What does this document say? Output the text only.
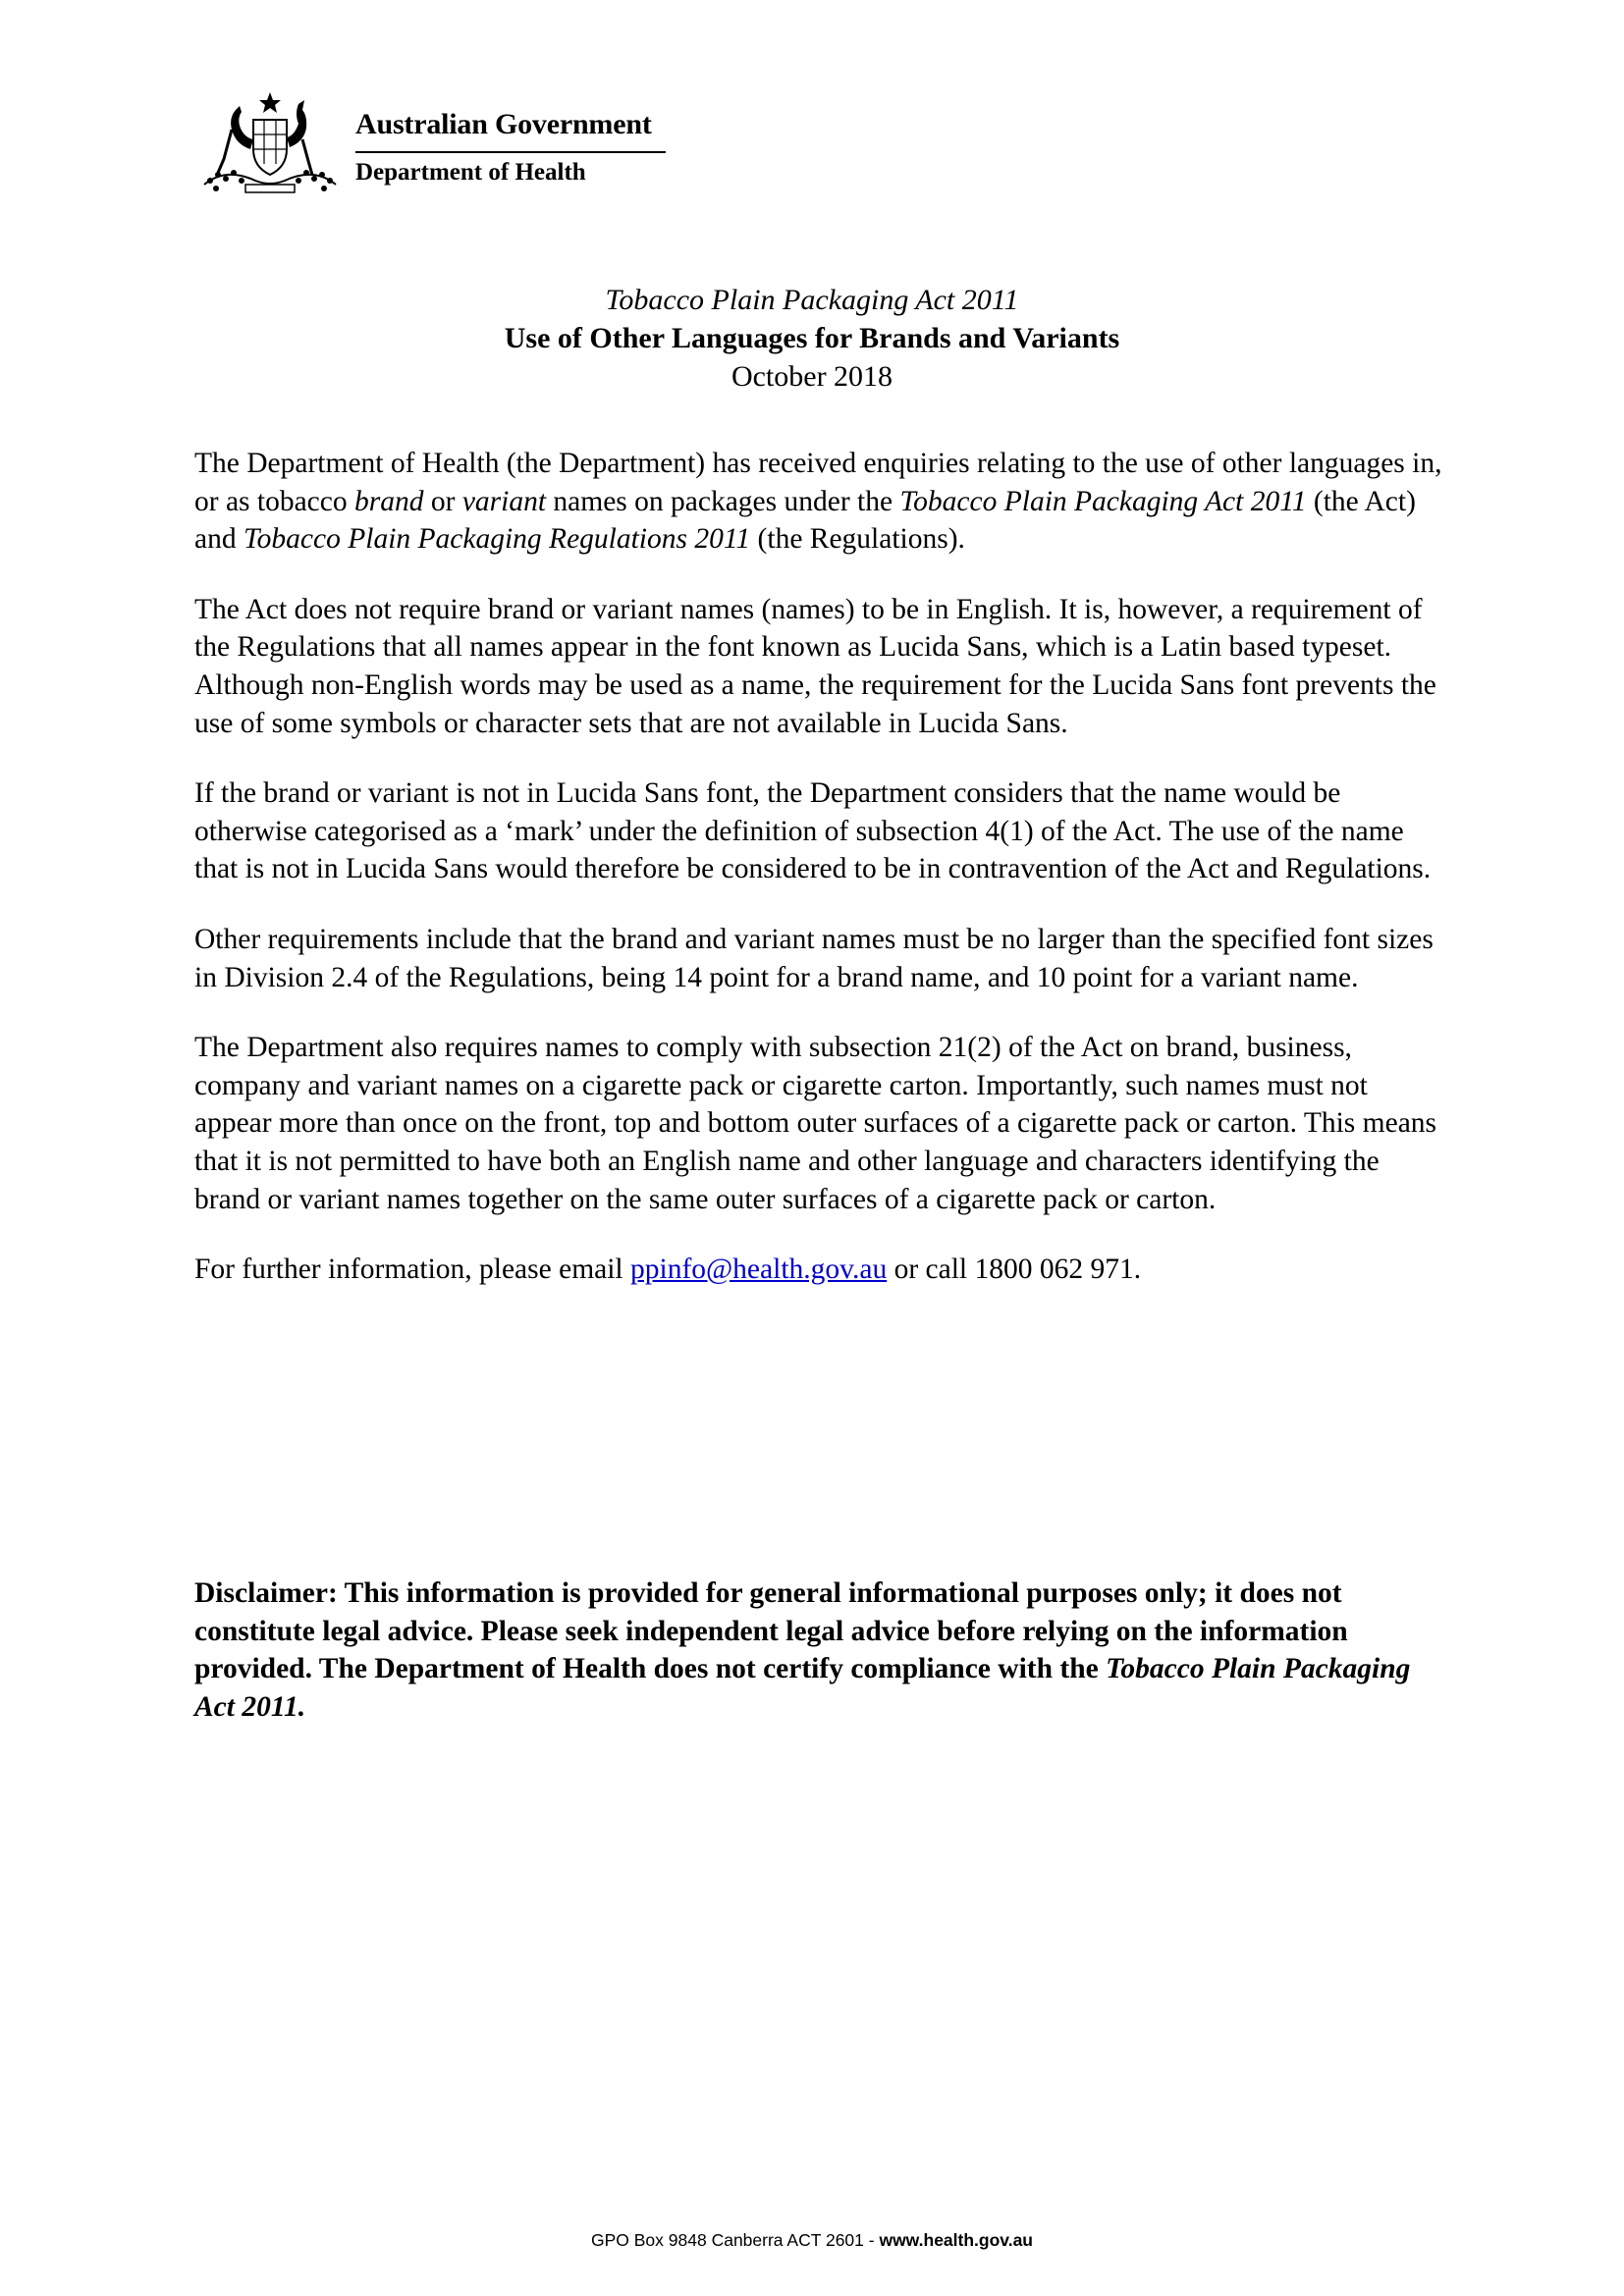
Australian Government
Department of Health
Tobacco Plain Packaging Act 2011
Use of Other Languages for Brands and Variants
October 2018

The Department of Health (the Department) has received enquiries relating to the use of other languages in, or as tobacco brand or variant names on packages under the Tobacco Plain Packaging Act 2011 (the Act) and Tobacco Plain Packaging Regulations 2011 (the Regulations).

The Act does not require brand or variant names (names) to be in English. It is, however, a requirement of the Regulations that all names appear in the font known as Lucida Sans, which is a Latin based typeset. Although non-English words may be used as a name, the requirement for the Lucida Sans font prevents the use of some symbols or character sets that are not available in Lucida Sans.

If the brand or variant is not in Lucida Sans font, the Department considers that the name would be otherwise categorised as a ‘mark’ under the definition of subsection 4(1) of the Act. The use of the name that is not in Lucida Sans would therefore be considered to be in contravention of the Act and Regulations.

Other requirements include that the brand and variant names must be no larger than the specified font sizes in Division 2.4 of the Regulations, being 14 point for a brand name, and 10 point for a variant name.

The Department also requires names to comply with subsection 21(2) of the Act on brand, business, company and variant names on a cigarette pack or cigarette carton. Importantly, such names must not appear more than once on the front, top and bottom outer surfaces of a cigarette pack or carton. This means that it is not permitted to have both an English name and other language and characters identifying the brand or variant names together on the same outer surfaces of a cigarette pack or carton.

For further information, please email ppinfo@health.gov.au or call 1800 062 971.

Disclaimer: This information is provided for general informational purposes only; it does not constitute legal advice. Please seek independent legal advice before relying on the information provided. The Department of Health does not certify compliance with the Tobacco Plain Packaging Act 2011.

GPO Box 9848 Canberra ACT 2601 - www.health.gov.au
